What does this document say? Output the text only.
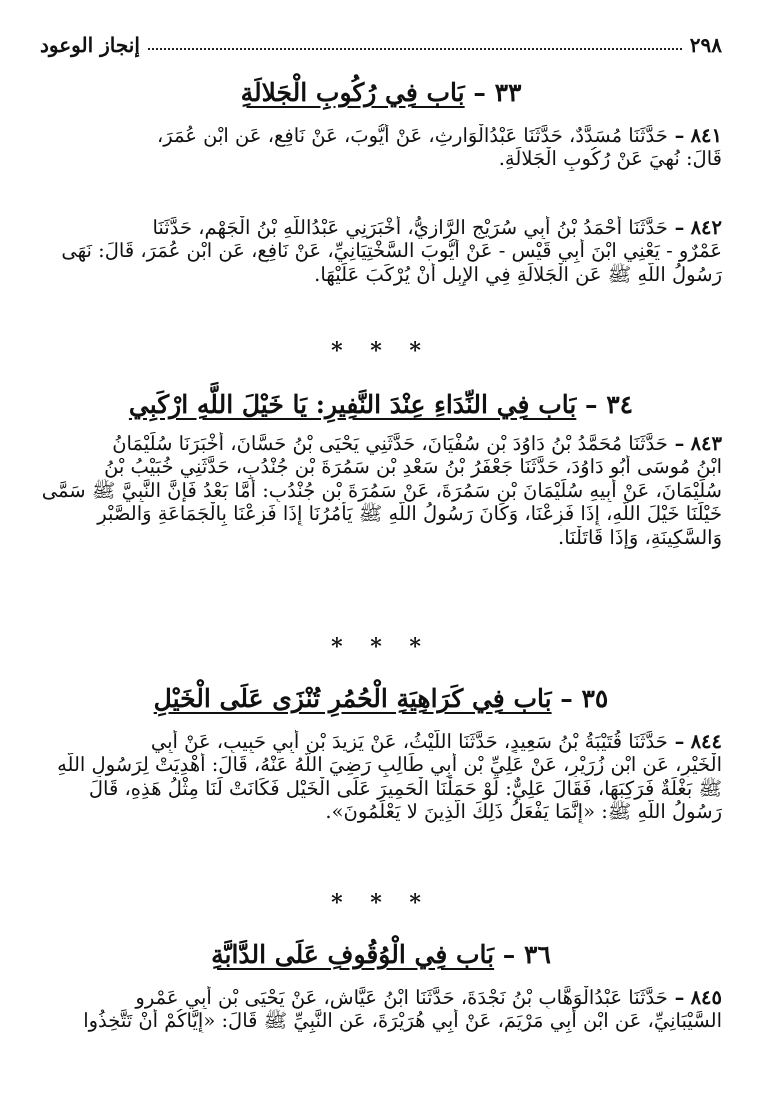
٢٩٨
إنجاز الوعود
٣٣ – بَاب فِي رُكُوبِ الْجَلالَةِ
٨٤١ – حَدَّثَنَا مُسَدَّدٌ، حَدَّثَنَا عَبْدُالْوَارِثِ، عَنْ أَيُّوبَ، عَنْ نَافِعٍ، عَنِ ابْنِ عُمَرَ،
قَالَ: نُهِيَ عَنْ رُكُوبِ الْجَلالَةِ.
٨٤٢ – حَدَّثَنَا أَحْمَدُ بْنُ أَبِي سُرَيْجٍ الرَّازِيُّ، أَخْبَرَنِي عَبْدُاللَّهِ بْنُ الْجَهْمِ، حَدَّثَنَا
عَمْرٌو - يَعْنِي ابْنَ أَبِي قَيْسٍ - عَنْ أَيُّوبَ السَّخْتِيَانِيِّ، عَنْ نَافِعٍ، عَنِ ابْنِ عُمَرَ، قَالَ: نَهَى
رَسُولُ اللَّهِ ﷺ عَنِ الْجَلالَةِ فِي الإِبِلِ أَنْ يُرْكَبَ عَلَيْهَا.
* * *
٣٤ – بَاب فِي النِّدَاءِ عِنْدَ النَّفِيرِ: يَا خَيْلَ اللَّهِ ارْكَبِي
٨٤٣ – حَدَّثَنَا مُحَمَّدُ بْنُ دَاوُدَ بْنِ سُفْيَانَ، حَدَّثَنِي يَحْيَى بْنُ حَسَّانَ، أَخْبَرَنَا سُلَيْمَانُ
ابْنُ مُوسَى أَبُو دَاوُدَ، حَدَّثَنَا جَعْفَرُ بْنُ سَعْدِ بْنِ سَمُرَةَ بْنِ جُنْدُبٍ، حَدَّثَنِي خُبَيْبُ بْنُ
سُلَيْمَانَ، عَنْ أَبِيهِ سُلَيْمَانَ بْنِ سَمُرَةَ، عَنْ سَمُرَةَ بْنِ جُنْدُبٍ: أَمَّا بَعْدُ فَإِنَّ النَّبِيَّ ﷺ سَمَّى
خَيْلَنَا خَيْلَ اللَّهِ، إِذَا فَزِعْنَا، وَكَانَ رَسُولُ اللَّهِ ﷺ يَأْمُرُنَا إِذَا فَزِعْنَا بِالْجَمَاعَةِ وَالصَّبْرِ
وَالسَّكِينَةِ، وَإِذَا قَاتَلْنَا.
* * *
٣٥ – بَاب فِي كَرَاهِيَةِ الْحُمُرِ تُنْزَى عَلَى الْخَيْلِ
٨٤٤ – حَدَّثَنَا قُتَيْبَةُ بْنُ سَعِيدٍ، حَدَّثَنَا اللَّيْثُ، عَنْ يَزِيدَ بْنِ أَبِي حَبِيبٍ، عَنْ أَبِي
الْخَيْرِ، عَنِ ابْنِ زُرَيْرٍ، عَنْ عَلِيِّ بْنِ أَبِي طَالِبٍ رَضِيَ اللَّهُ عَنْهُ، قَالَ: أُهْدِيَتْ لِرَسُولِ اللَّهِ
ﷺ بَغْلَةٌ فَرَكِبَهَا، فَقَالَ عَلِيٌّ: لَوْ حَمَلْنَا الْحَمِيرَ عَلَى الْخَيْلِ فَكَانَتْ لَنَا مِثْلُ هَذِهِ، قَالَ
رَسُولُ اللَّهِ ﷺ: «إِنَّمَا يَفْعَلُ ذَلِكَ الَّذِينَ لا يَعْلَمُونَ».
* * *
٣٦ – بَاب فِي الْوُقُوفِ عَلَى الدَّابَّةِ
٨٤٥ – حَدَّثَنَا عَبْدُالْوَهَّابِ بْنُ نَجْدَةَ، حَدَّثَنَا ابْنُ عَيَّاشٍ، عَنْ يَحْيَى بْنِ أَبِي عَمْرٍو
السَّيْبَانِيِّ، عَنِ ابْنِ أَبِي مَرْيَمَ، عَنْ أَبِي هُرَيْرَةَ، عَنِ النَّبِيِّ ﷺ قَالَ: «إِيَّاكُمْ أَنْ تَتَّخِذُوا
